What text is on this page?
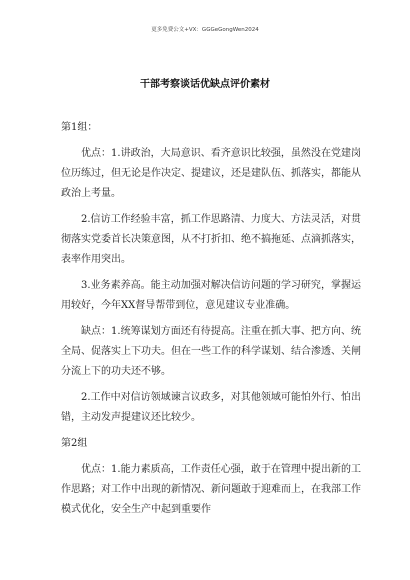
更多免费公文+VX：GGGeGongWen2024
干部考察谈话优缺点评价素材

第1组：

优点：1.讲政治，大局意识、看齐意识比较强，虽然没在党建岗位历练过，但无论是作决定、提建议，还是建队伍、抓落实，都能从政治上考量。

2.信访工作经验丰富，抓工作思路清、力度大、方法灵活，对贯彻落实党委首长决策意图，从不打折扣、绝不搞拖延、点滴抓落实，表率作用突出。

3.业务素养高。能主动加强对解决信访问题的学习研究，掌握运用较好，今年XX督导帮带到位，意见建议专业准确。

缺点：1.统筹谋划方面还有待提高。注重在抓大事、把方向、统全局、促落实上下功夫。但在一些工作的科学谋划、结合渗透、关闸分流上下的功夫还不够。

2.工作中对信访领域谏言议政多，对其他领域可能怕外行、怕出错，主动发声提建议还比较少。

第2组

优点：1.能力素质高，工作责任心强，敢于在管理中提出新的工作思路；对工作中出现的新情况、新问题敢于迎难而上，在我部工作模式优化，安全生产中起到重要作
